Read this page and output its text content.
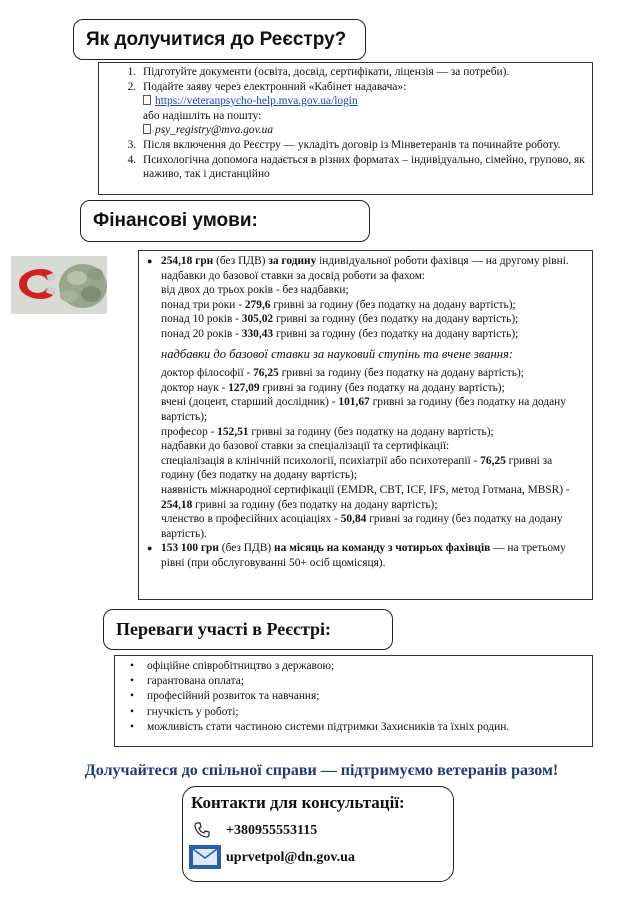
Як долучитися до Реєстру?
1. Підготуйте документи (освіта, досвід, сертифікати, ліцензія — за потреби).
2. Подайте заяву через електронний «Кабінет надавача»:
https://veteranpsycho-help.mva.gov.ua/login
або надішліть на пошту:
psy_registry@mva.gov.ua
3. Після включення до Реєстру — укладіть договір із Мінветеранів та починайте роботу.
4. Психологічна допомога надається в різних форматах – індивідуально, сімейно, групово, як наживо, так і дистанційно
Фінансові умови:
● 254,18 грн (без ПДВ) за годину індивідуальної роботи фахівця — на другому рівні.
надбавки до базової ставки за досвід роботи за фахом:
від двох до трьох років - без надбавки;
понад три роки - 279,6 гривні за годину (без податку на додану вартість);
понад 10 років - 305,02 гривні за годину (без податку на додану вартість);
понад 20 років - 330,43 гривні за годину (без податку на додану вартість);
надбавки до базової ставки за науковий ступінь та вчене звання:
доктор філософії - 76,25 гривні за годину (без податку на додану вартість);
доктор наук - 127,09 гривні за годину (без податку на додану вартість);
вчені (доцент, старший дослідник) - 101,67 гривні за годину (без податку на додану вартість);
професор - 152,51 гривні за годину (без податку на додану вартість);
надбавки до базової ставки за спеціалізації та сертифікації:
спеціалізація в клінічній психології, психіатрії або психотерапії - 76,25 гривні за годину (без податку на додану вартість);
наявність міжнародної сертифікації (EMDR, CBT, ICF, IFS, метод Готмана, MBSR) - 254,18 гривні за годину (без податку на додану вартість);
членство в професійних асоціаціях - 50,84 гривні за годину (без податку на додану вартість).
● 153 100 грн (без ПДВ) на місяць на команду з чотирьох фахівців — на третьому рівні (при обслуговуванні 50+ осіб щомісяця).
Переваги участі в Реєстрі:
• офіційне співробітництво з державою;
• гарантована оплата;
• професійний розвиток та навчання;
• гнучкість у роботі;
• можливість стати частиною системи підтримки Захисників та їхніх родин.
Долучайтеся до спільної справи — підтримуємо ветеранів разом!
Контакти для консультації:
+380955553115
uprvetpol@dn.gov.ua
